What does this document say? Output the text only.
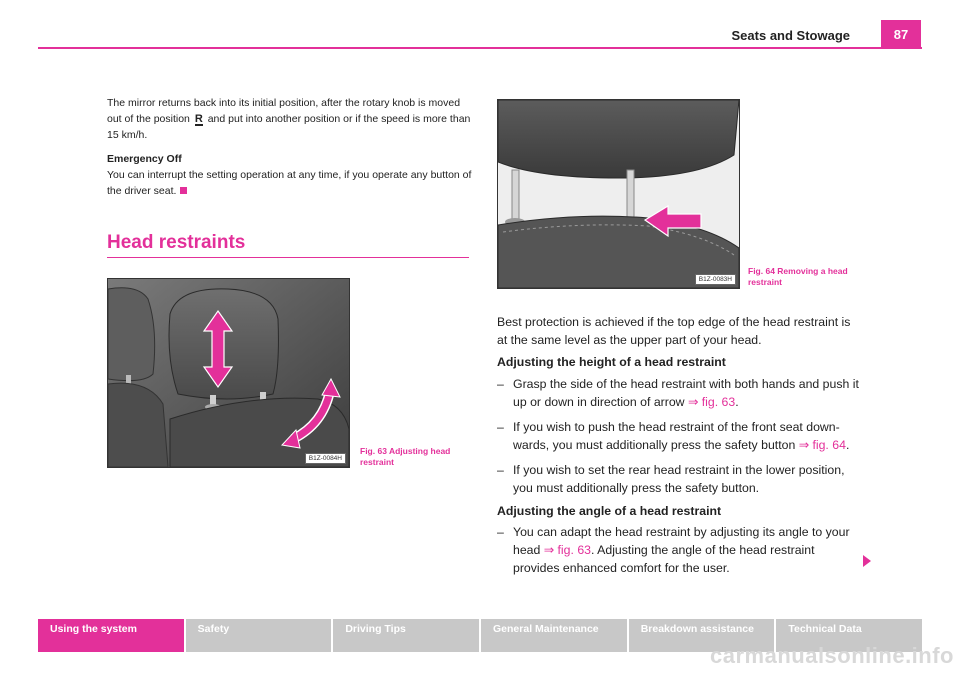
Seats and Stowage	87
The mirror returns back into its initial position, after the rotary knob is moved out of the position R and put into another position or if the speed is more than 15 km/h.
Emergency Off
You can interrupt the setting operation at any time, if you operate any button of the driver seat.
Head restraints
B1Z-0084H
Fig. 63 Adjusting head restraint
B1Z-0083H
Fig. 64 Removing a head restraint
Best protection is achieved if the top edge of the head restraint is at the same level as the upper part of your head.
Adjusting the height of a head restraint
– Grasp the side of the head restraint with both hands and push it up or down in direction of arrow ⇒ fig. 63.
– If you wish to push the head restraint of the front seat down-wards, you must additionally press the safety button ⇒ fig. 64.
– If you wish to set the rear head restraint in the lower position, you must additionally press the safety button.
Adjusting the angle of a head restraint
– You can adapt the head restraint by adjusting its angle to your head ⇒ fig. 63. Adjusting the angle of the head restraint provides enhanced comfort for the user.
Using the system	Safety	Driving Tips	General Maintenance	Breakdown assistance	Technical Data
carmanualsonline.info
